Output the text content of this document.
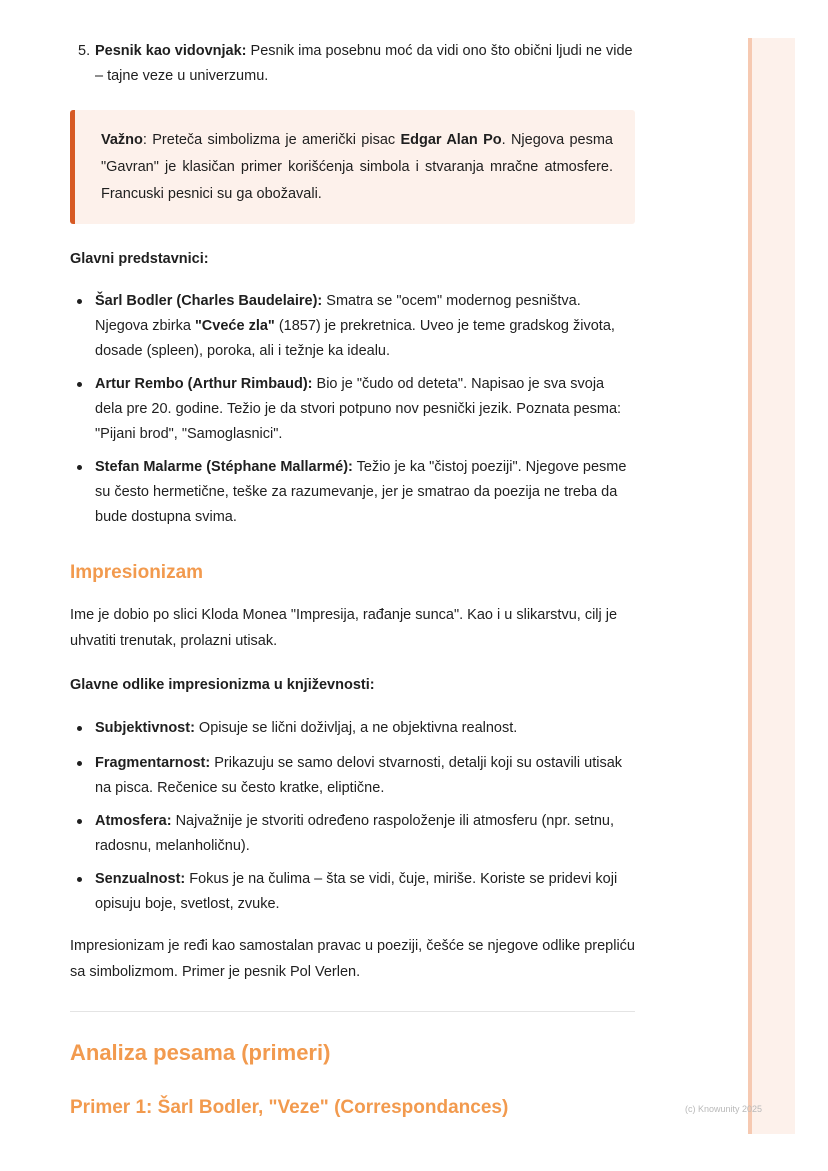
(c) Knowunity 2025
5. Pesnik kao vidovnjak: Pesnik ima posebnu moć da vidi ono što obični ljudi ne vide – tajne veze u univerzumu.

Važno: Preteča simbolizma je američki pisac Edgar Alan Po. Njegova pesma "Gavran" je klasičan primer korišćenja simbola i stvaranja mračne atmosfere. Francuski pesnici su ga obožavali.

Glavni predstavnici:
Šarl Bodler (Charles Baudelaire): Smatra se "ocem" modernog pesništva. Njegova zbirka "Cveće zla" (1857) je prekretnica. Uveo je teme gradskog života, dosade (spleen), poroka, ali i težnje ka idealu.
Artur Rembo (Arthur Rimbaud): Bio je "čudo od deteta". Napisao je sva svoja dela pre 20. godine. Težio je da stvori potpuno nov pesnički jezik. Poznata pesma: "Pijani brod", "Samoglasnici".
Stefan Malarme (Stéphane Mallarmé): Težio je ka "čistoj poeziji". Njegove pesme su često hermetične, teške za razumevanje, jer je smatrao da poezija ne treba da bude dostupna svima.
Impresionizam

Ime je dobio po slici Kloda Monea "Impresija, rađanje sunca". Kao i u slikarstvu, cilj je uhvatiti trenutak, prolazni utisak.

Glavne odlike impresionizma u književnosti:
Subjektivnost: Opisuje se lični doživljaj, a ne objektivna realnost.
Fragmentarnost: Prikazuju se samo delovi stvarnosti, detalji koji su ostavili utisak na pisca. Rečenice su često kratke, eliptične.
Atmosfera: Najvažnije je stvoriti određeno raspoloženje ili atmosferu (npr. setnu, radosnu, melanholičnu).
Senzualnost: Fokus je na čulima – šta se vidi, čuje, miriše. Koriste se pridevi koji opisuju boje, svetlost, zvuke.

Impresionizam je ređi kao samostalan pravac u poeziji, češće se njegove odlike prepliću sa simbolizmom. Primer je pesnik Pol Verlen.

Analiza pesama (primeri)
Primer 1: Šarl Bodler, "Veze" (Correspondances)
